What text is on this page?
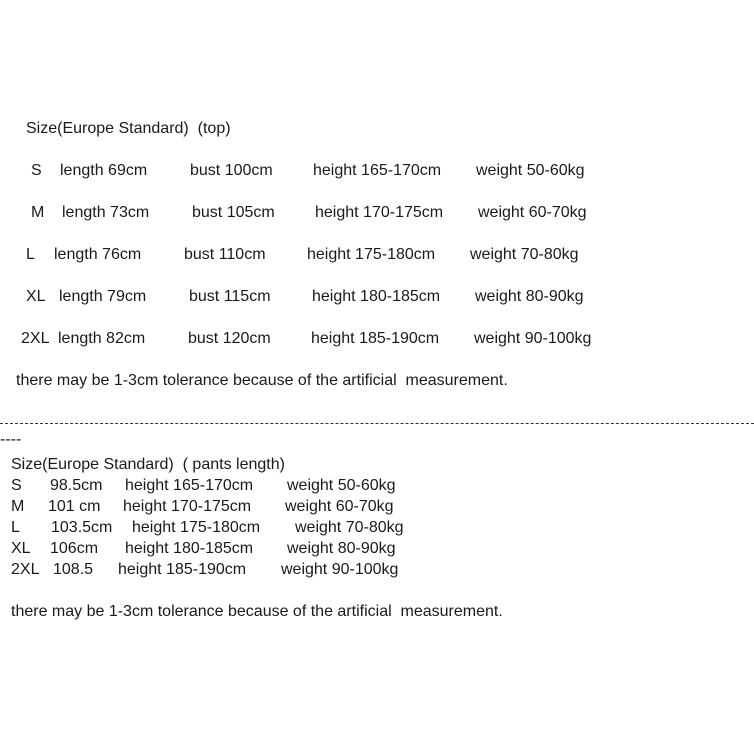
Size(Europe Standard)  (top)
S length 69cm	bust 100cm	height 165-170cm weight 50-60kg
M length 73cm	bust 105cm	height 170-175cm weight 60-70kg
L length 76cm	bust 110cm	height 175-180cm weight 70-80kg
XL length 79cm	bust 115cm	height 180-185cm weight 80-90kg
2XL length 82cm	bust 120cm	height 185-190cm weight 90-100kg
there may be 1-3cm tolerance because of the artificial  measurement.
----
Size(Europe Standard)  ( pants length)
S 98.5cm height 165-170cm weight 50-60kg
M 101 cm height 170-175cm weight 60-70kg
L 103.5cm height 175-180cm weight 70-80kg
XL 106cm height 180-185cm weight 80-90kg
2XL 108.5 height 185-190cm weight 90-100kg
there may be 1-3cm tolerance because of the artificial  measurement.
